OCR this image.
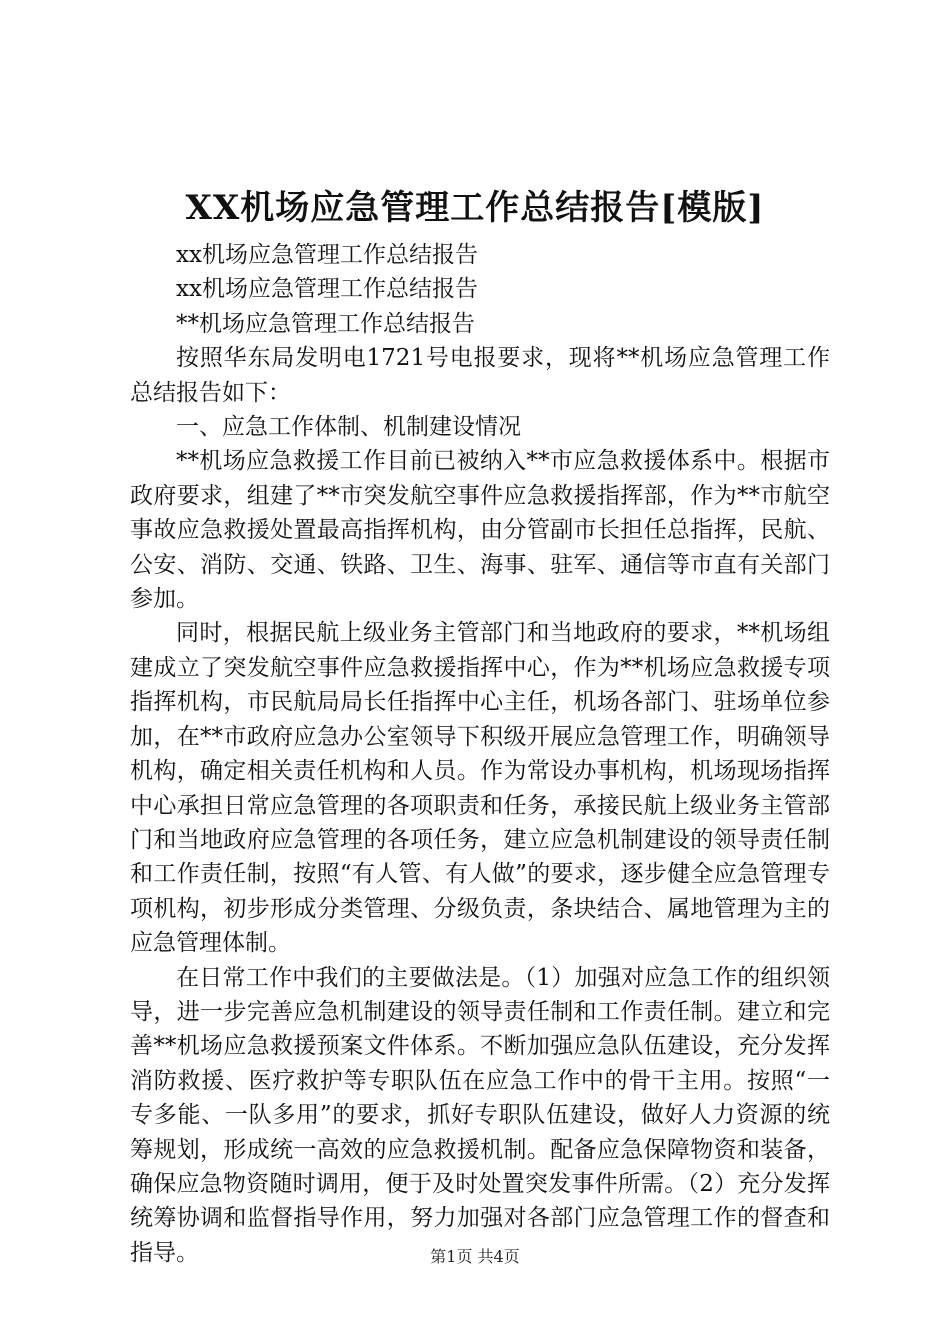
XX机场应急管理工作总结报告[模版]

xx机场应急管理工作总结报告

xx机场应急管理工作总结报告

**机场应急管理工作总结报告

按照华东局发明电1721号电报要求，现将**机场应急管理工作总结报告如下：

一、应急工作体制、机制建设情况

**机场应急救援工作目前已被纳入**市应急救援体系中。根据市政府要求，组建了**市突发航空事件应急救援指挥部，作为**市航空事故应急救援处置最高指挥机构，由分管副市长担任总指挥，民航、公安、消防、交通、铁路、卫生、海事、驻军、通信等市直有关部门参加。

同时，根据民航上级业务主管部门和当地政府的要求，**机场组建成立了突发航空事件应急救援指挥中心，作为**机场应急救援专项指挥机构，市民航局局长任指挥中心主任，机场各部门、驻场单位参加，在**市政府应急办公室领导下积级开展应急管理工作，明确领导机构，确定相关责任机构和人员。作为常设办事机构，机场现场指挥中心承担日常应急管理的各项职责和任务，承接民航上级业务主管部门和当地政府应急管理的各项任务，建立应急机制建设的领导责任制和工作责任制，按照“有人管、有人做”的要求，逐步健全应急管理专项机构，初步形成分类管理、分级负责，条块结合、属地管理为主的应急管理体制。

在日常工作中我们的主要做法是。（1）加强对应急工作的组织领导，进一步完善应急机制建设的领导责任制和工作责任制。建立和完善**机场应急救援预案文件体系。不断加强应急队伍建设，充分发挥消防救援、医疗救护等专职队伍在应急工作中的骨干主用。按照“一专多能、一队多用”的要求，抓好专职队伍建设，做好人力资源的统筹规划，形成统一高效的应急救援机制。配备应急保障物资和装备，确保应急物资随时调用，便于及时处置突发事件所需。（2）充分发挥统筹协调和监督指导作用，努力加强对各部门应急管理工作的督查和指导。	第1页 共4页
